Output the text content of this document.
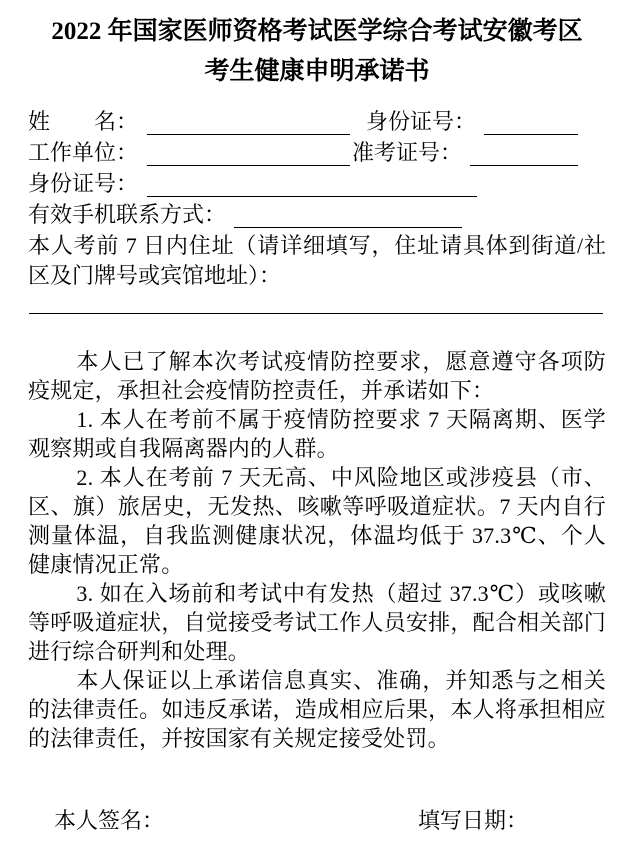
2022 年国家医师资格考试医学综合考试安徽考区
考生健康申明承诺书
姓　　名：	身份证号：
工作单位：	准考证号：
身份证号：
有效手机联系方式：
本人考前 7 日内住址（请详细填写，住址请具体到街道/社区及门牌号或宾馆地址）：

本人已了解本次考试疫情防控要求，愿意遵守各项防疫规定，承担社会疫情防控责任，并承诺如下：

1. 本人在考前不属于疫情防控要求 7 天隔离期、医学观察期或自我隔离器内的人群。

2. 本人在考前 7 天无高、中风险地区或涉疫县（市、区、旗）旅居史，无发热、咳嗽等呼吸道症状。7 天内自行测量体温，自我监测健康状况，体温均低于 37.3℃、个人健康情况正常。

3. 如在入场前和考试中有发热（超过 37.3℃）或咳嗽等呼吸道症状，自觉接受考试工作人员安排，配合相关部门进行综合研判和处理。

本人保证以上承诺信息真实、准确，并知悉与之相关的法律责任。如违反承诺，造成相应后果，本人将承担相应的法律责任，并按国家有关规定接受处罚。

本人签名：	填写日期：
